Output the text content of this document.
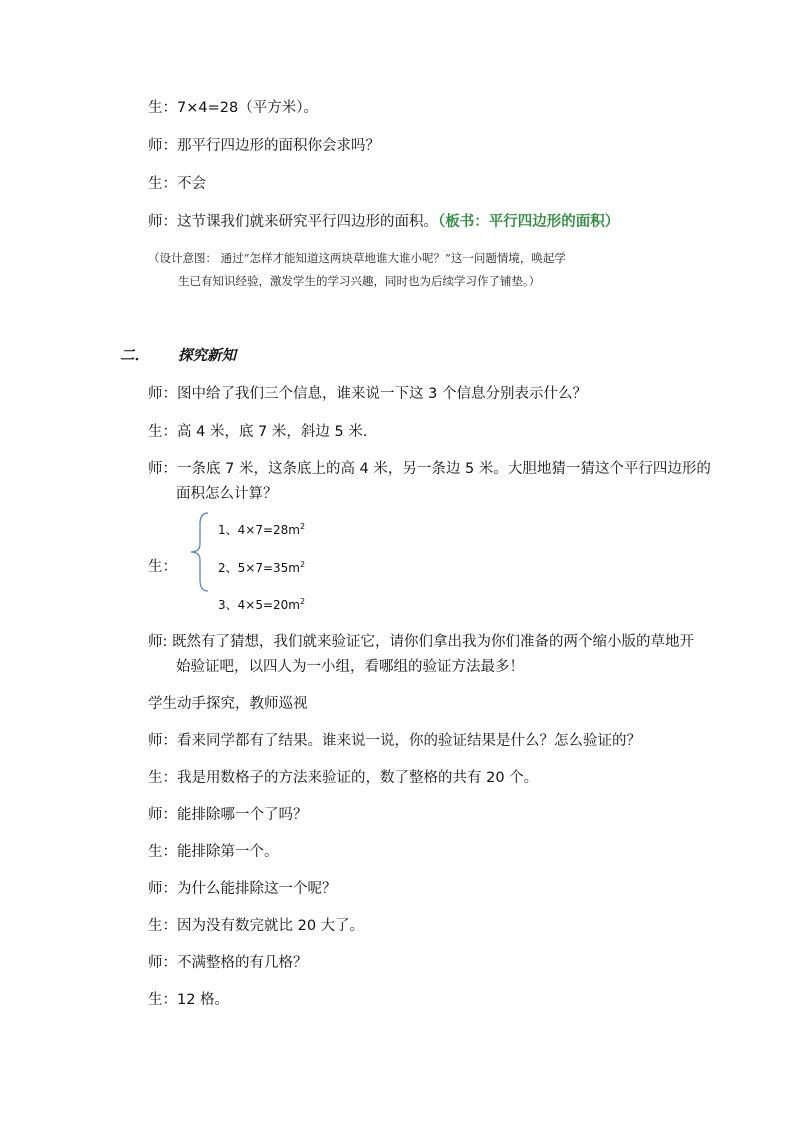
生：7×4=28（平方米）。
师：那平行四边形的面积你会求吗？
生：不会
师：这节课我们就来研究平行四边形的面积。（板书：平行四边形的面积）
（设计意图： 通过“怎样才能知道这两块草地谁大谁小呢？”这一问题情境，唤起学
生已有知识经验，激发学生的学习兴趣，同时也为后续学习作了铺垫。）
二． 探究新知
师：图中给了我们三个信息，谁来说一下这 3 个信息分别表示什么？
生：高 4 米，底 7 米，斜边 5 米.
师：一条底 7 米，这条底上的高 4 米，另一条边 5 米。大胆地猜一猜这个平行四边形的
面积怎么计算？
生：
1、$4\times 7=28m^2$
2、$5\times 7=35m^2$
3、$4\times 5=20m^2$
师: 既然有了猜想，我们就来验证它，请你们拿出我为你们准备的两个缩小版的草地开
始验证吧，以四人为一小组，看哪组的验证方法最多！
学生动手探究，教师巡视
师：看来同学都有了结果。谁来说一说，你的验证结果是什么？怎么验证的？
生：我是用数格子的方法来验证的，数了整格的共有 20 个。
师：能排除哪一个了吗？
生：能排除第一个。
师：为什么能排除这一个呢？
生：因为没有数完就比 20 大了。
师：不满整格的有几格？
生：12 格。
